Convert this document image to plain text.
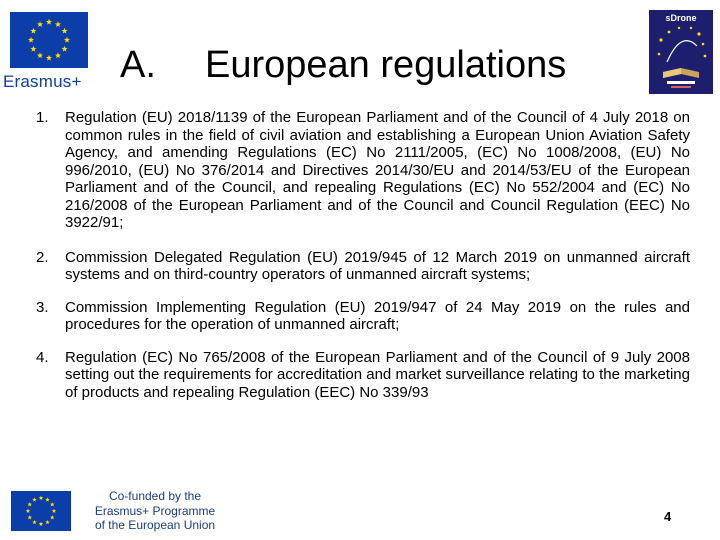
Erasmus+ A. European regulations
sDrone
1. Regulation (EU) 2018/1139 of the European Parliament and of the Council of 4 July 2018 on common rules in the field of civil aviation and establishing a European Union Aviation Safety Agency, and amending Regulations (EC) No 2111/2005, (EC) No 1008/2008, (EU) No 996/2010, (EU) No 376/2014 and Directives 2014/30/EU and 2014/53/EU of the European Parliament and of the Council, and repealing Regulations (EC) No 552/2004 and (EC) No 216/2008 of the European Parliament and of the Council and Council Regulation (EEC) No 3922/91;
2. Commission Delegated Regulation (EU) 2019/945 of 12 March 2019 on unmanned aircraft systems and on third-country operators of unmanned aircraft systems;
3. Commission Implementing Regulation (EU) 2019/947 of 24 May 2019 on the rules and procedures for the operation of unmanned aircraft;
4. Regulation (EC) No 765/2008 of the European Parliament and of the Council of 9 July 2008 setting out the requirements for accreditation and market surveillance relating to the marketing of products and repealing Regulation (EEC) No 339/93
Co-funded by the
Erasmus+ Programme
of the European Union
4
